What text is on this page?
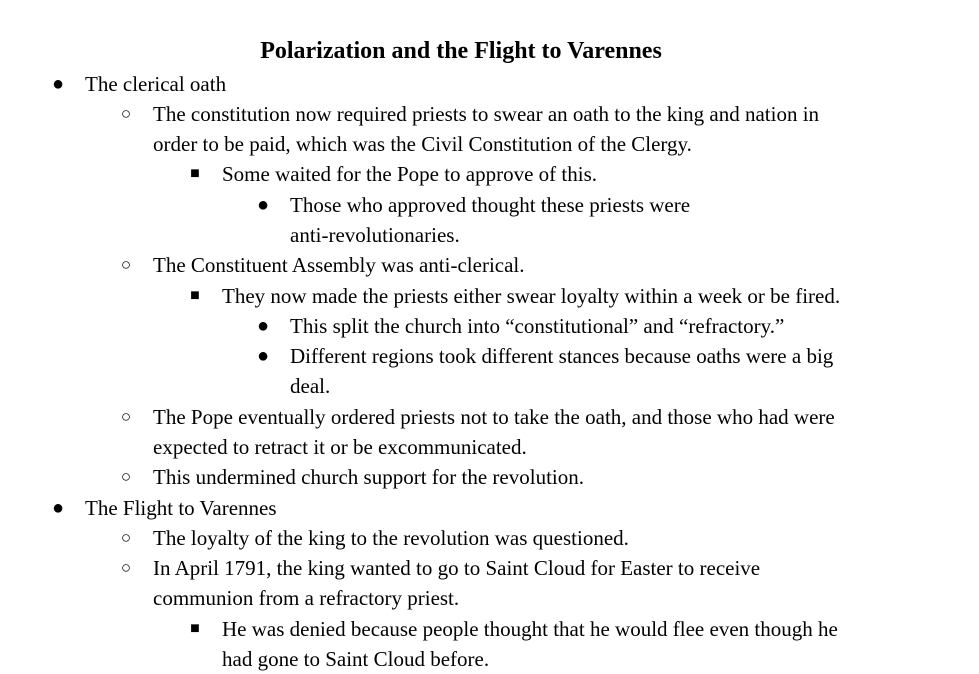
Polarization and the Flight to Varennes
● The clerical oath
○ The constitution now required priests to swear an oath to the king and nation in
order to be paid, which was the Civil Constitution of the Clergy.
■ Some waited for the Pope to approve of this.
● Those who approved thought these priests were
anti-revolutionaries.
○ The Constituent Assembly was anti-clerical.
■ They now made the priests either swear loyalty within a week or be fired.
● This split the church into “constitutional” and “refractory.”
● Different regions took different stances because oaths were a big
deal.
○ The Pope eventually ordered priests not to take the oath, and those who had were
expected to retract it or be excommunicated.
○ This undermined church support for the revolution.
● The Flight to Varennes
○ The loyalty of the king to the revolution was questioned.
○ In April 1791, the king wanted to go to Saint Cloud for Easter to receive
communion from a refractory priest.
■ He was denied because people thought that he would flee even though he
had gone to Saint Cloud before.
